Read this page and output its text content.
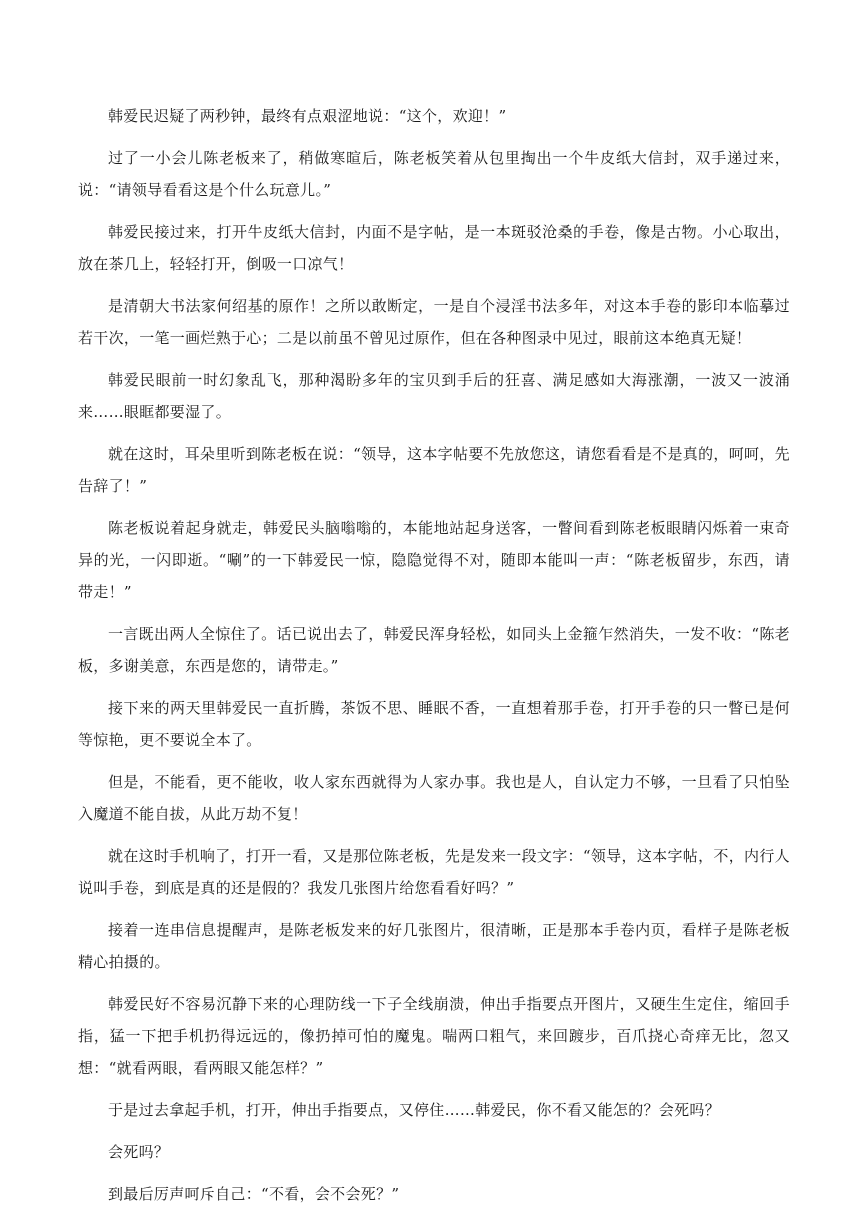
韩爱民迟疑了两秒钟，最终有点艰涩地说：“这个，欢迎！”

过了一小会儿陈老板来了，稍做寒暄后，陈老板笑着从包里掏出一个牛皮纸大信封，双手递过来，说：“请领导看看这是个什么玩意儿。”

韩爱民接过来，打开牛皮纸大信封，内面不是字帖，是一本斑驳沧桑的手卷，像是古物。小心取出，放在茶几上，轻轻打开，倒吸一口凉气！

是清朝大书法家何绍基的原作！之所以敢断定，一是自个浸淫书法多年，对这本手卷的影印本临摹过若干次，一笔一画烂熟于心；二是以前虽不曾见过原作，但在各种图录中见过，眼前这本绝真无疑！

韩爱民眼前一时幻象乱飞，那种渴盼多年的宝贝到手后的狂喜、满足感如大海涨潮，一波又一波涌来……眼眶都要湿了。

就在这时，耳朵里听到陈老板在说：“领导，这本字帖要不先放您这，请您看看是不是真的，呵呵，先告辞了！”

陈老板说着起身就走，韩爱民头脑嗡嗡的，本能地站起身送客，一瞥间看到陈老板眼睛闪烁着一束奇异的光，一闪即逝。“唰”的一下韩爱民一惊，隐隐觉得不对，随即本能叫一声：“陈老板留步，东西，请带走！”

一言既出两人全惊住了。话已说出去了，韩爱民浑身轻松，如同头上金箍乍然消失，一发不收：“陈老板，多谢美意，东西是您的，请带走。”

接下来的两天里韩爱民一直折腾，茶饭不思、睡眠不香，一直想着那手卷，打开手卷的只一瞥已是何等惊艳，更不要说全本了。

但是，不能看，更不能收，收人家东西就得为人家办事。我也是人，自认定力不够，一旦看了只怕坠入魔道不能自拔，从此万劫不复！

就在这时手机响了，打开一看，又是那位陈老板，先是发来一段文字：“领导，这本字帖，不，内行人说叫手卷，到底是真的还是假的？我发几张图片给您看看好吗？”

接着一连串信息提醒声，是陈老板发来的好几张图片，很清晰，正是那本手卷内页，看样子是陈老板精心拍摄的。

韩爱民好不容易沉静下来的心理防线一下子全线崩溃，伸出手指要点开图片，又硬生生定住，缩回手指，猛一下把手机扔得远远的，像扔掉可怕的魔鬼。喘两口粗气，来回踱步，百爪挠心奇痒无比，忽又想：“就看两眼，看两眼又能怎样？”

于是过去拿起手机，打开，伸出手指要点，又停住……韩爱民，你不看又能怎的？会死吗？

会死吗？

到最后厉声呵斥自己：“不看，会不会死？”
